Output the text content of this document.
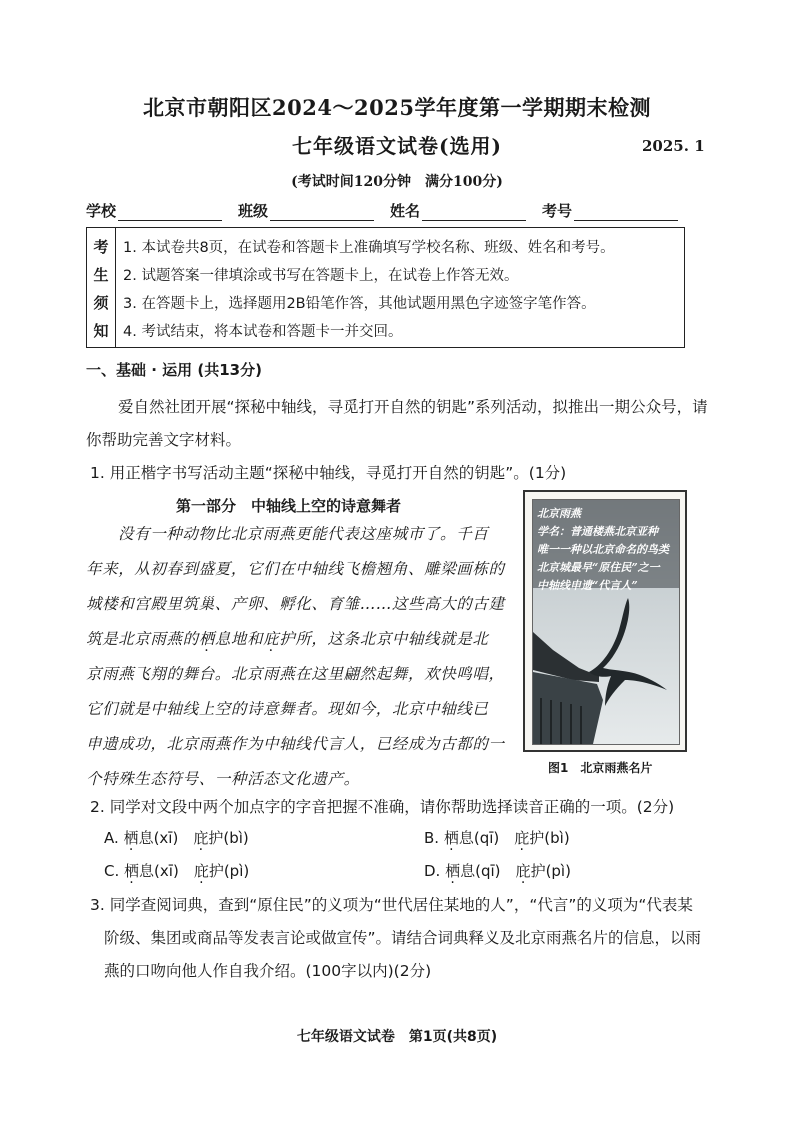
北京市朝阳区2024～2025学年度第一学期期末检测
七年级语文试卷(选用)	2025. 1
(考试时间120分钟　满分100分)
学校	班级	姓名	考号
考
生
须
知
1. 本试卷共8页，在试卷和答题卡上准确填写学校名称、班级、姓名和考号。
2. 试题答案一律填涂或书写在答题卡上，在试卷上作答无效。
3. 在答题卡上，选择题用2B铅笔作答，其他试题用黑色字迹签字笔作答。
4. 考试结束，将本试卷和答题卡一并交回。
一、基础 · 运用 (共13分)
爱自然社团开展“探秘中轴线，寻觅打开自然的钥匙”系列活动，拟推出一期公众号，请
你帮助完善文字材料。
1. 用正楷字书写活动主题“探秘中轴线，寻觅打开自然的钥匙”。(1分)
第一部分　中轴线上空的诗意舞者
没有一种动物比北京雨燕更能代表这座城市了。千百
年来，从初春到盛夏，它们在中轴线飞檐翘角、雕梁画栋的
城楼和宫殿里筑巢、产卵、孵化、育雏……这些高大的古建
筑是北京雨燕的栖息地和庇护所，这条北京中轴线就是北
京雨燕飞翔的舞台。北京雨燕在这里翩然起舞，欢快鸣唱，
它们就是中轴线上空的诗意舞者。现如今，北京中轴线已
申遗成功，北京雨燕作为中轴线代言人，已经成为古都的一
个特殊生态符号、一种活态文化遗产。
北京雨燕
学名：普通楼燕北京亚种
唯一一种以北京命名的鸟类
北京城最早“原住民”之一
中轴线申遗“代言人”
图1　北京雨燕名片
2. 同学对文段中两个加点字的字音把握不准确，请你帮助选择读音正确的一项。(2分)
A. 栖息(xī)　 庇护(bì)	B. 栖息(qī)　 庇护(bì)
C. 栖息(xī)　 庇护(pì)	D. 栖息(qī)　 庇护(pì)
3. 同学查阅词典，查到“原住民”的义项为“世代居住某地的人”，“代言”的义项为“代表某
阶级、集团或商品等发表言论或做宣传”。请结合词典释义及北京雨燕名片的信息，以雨
燕的口吻向他人作自我介绍。(100字以内)(2分)
七年级语文试卷　第1页(共8页)
